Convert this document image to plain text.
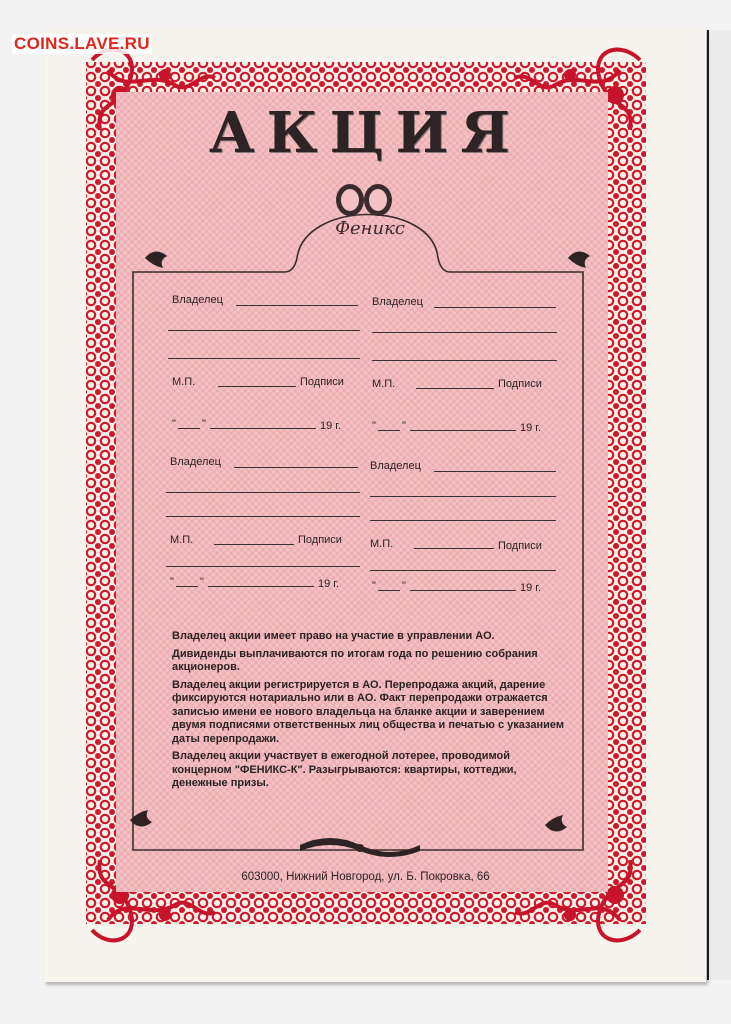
COINS.LAVE.RU
АКЦИЯ
Феникс
Владелец
М.П.	Подписи
" "	19 г.
Владелец
М.П.	Подписи
" "	19 г.
Владелец
М.П.	Подписи
" "	19 г.
Владелец
М.П.	Подписи
" "	19 г.

Владелец акции имеет право на участие в управлении АО.

Дивиденды выплачиваются по итогам года по решению собрания акционеров.

Владелец акции регистрируется в АО. Перепродажа акций, дарение фиксируются нотариально или в АО. Факт перепродажи отражается записью имени ее нового владельца на бланке акции и заверением двумя подписями ответственных лиц общества и печатью с указанием даты перепродажи.

Владелец акции участвует в ежегодной лотерее, проводимой концерном "ФЕНИКС-К". Разыгрываются: квартиры, коттеджи, денежные призы.

603000, Нижний Новгород, ул. Б. Покровка, 66
